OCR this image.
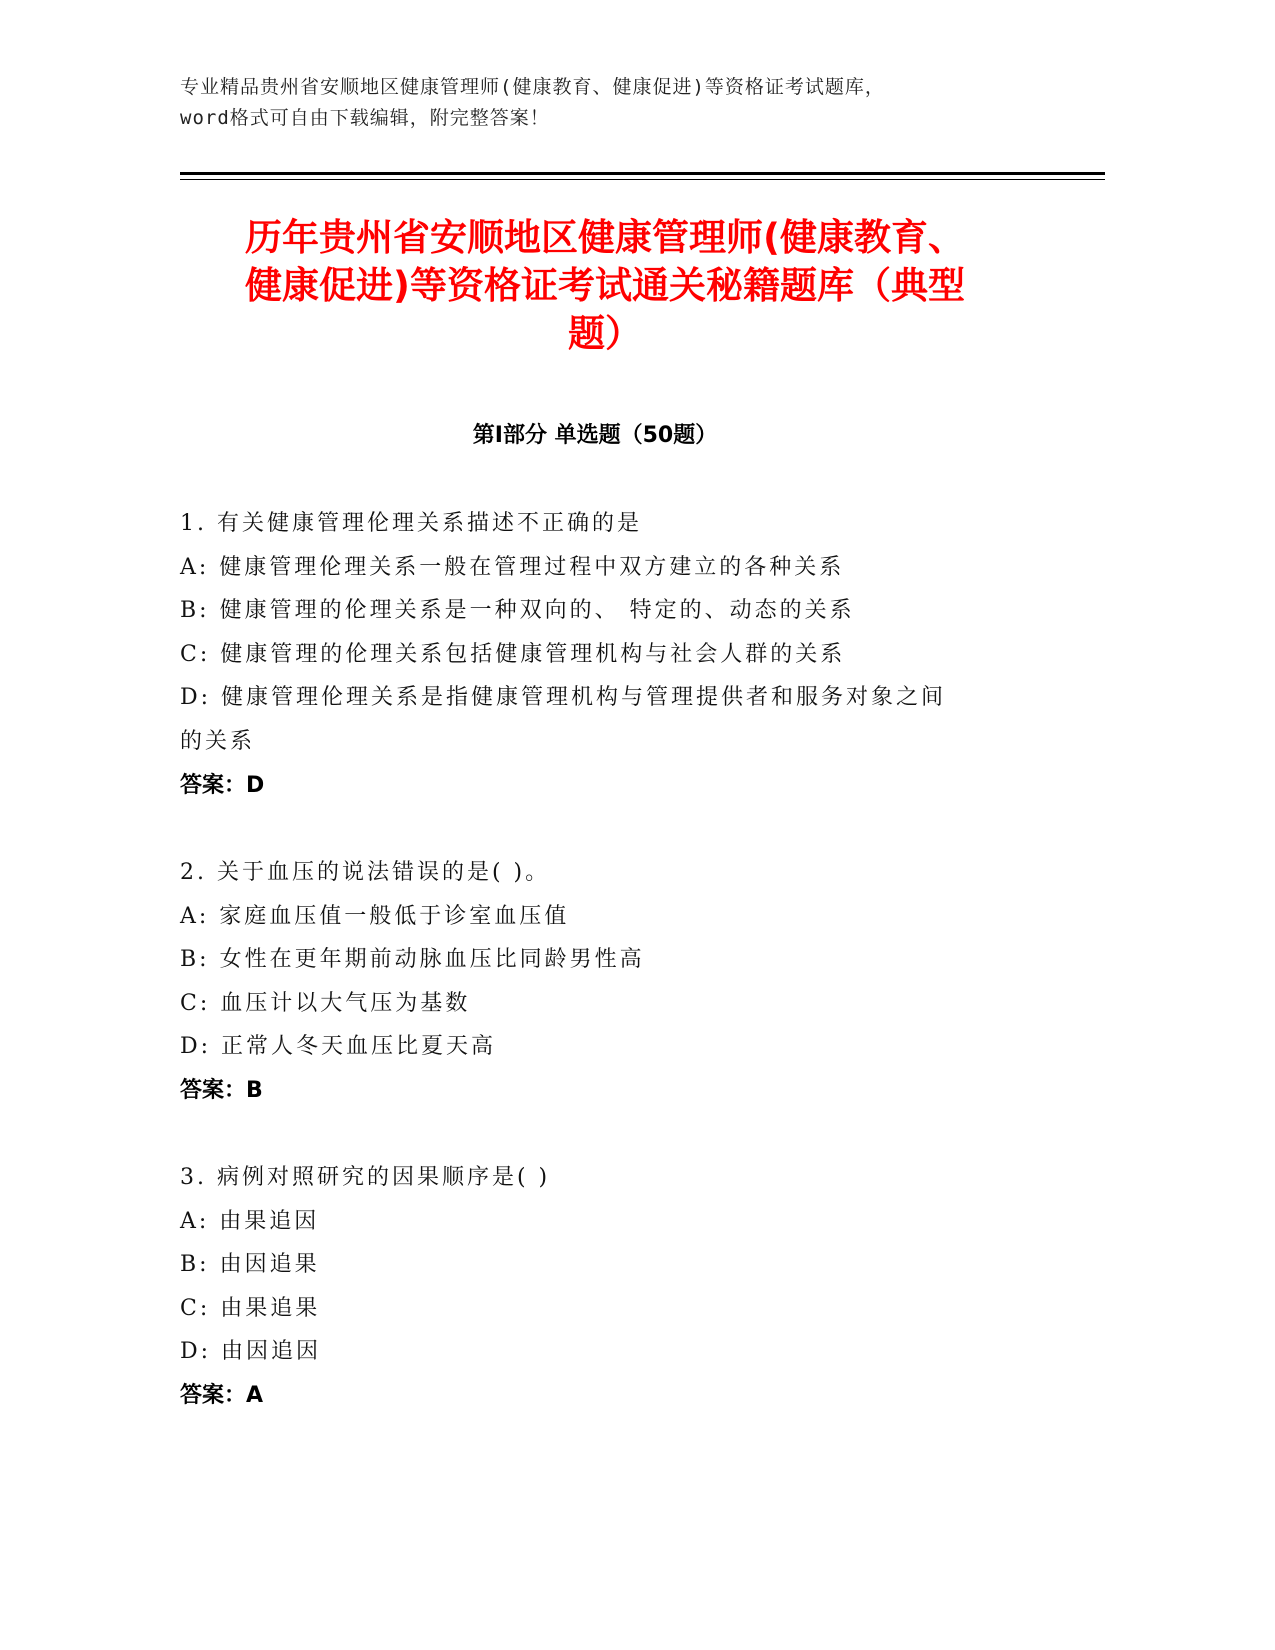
专业精品贵州省安顺地区健康管理师(健康教育、健康促进)等资格证考试题库，
word格式可自由下载编辑，附完整答案！
历年贵州省安顺地区健康管理师(健康教育、
健康促进)等资格证考试通关秘籍题库（典型
题）
第Ⅰ部分 单选题（50题）
1. 有关健康管理伦理关系描述不正确的是
A: 健康管理伦理关系一般在管理过程中双方建立的各种关系
B: 健康管理的伦理关系是一种双向的、 特定的、动态的关系
C: 健康管理的伦理关系包括健康管理机构与社会人群的关系
D: 健康管理伦理关系是指健康管理机构与管理提供者和服务对象之间
的关系
答案：D
2. 关于血压的说法错误的是( )。
A: 家庭血压值一般低于诊室血压值
B: 女性在更年期前动脉血压比同龄男性高
C: 血压计以大气压为基数
D: 正常人冬天血压比夏天高
答案：B
3. 病例对照研究的因果顺序是( )
A: 由果追因
B: 由因追果
C: 由果追果
D: 由因追因
答案：A
